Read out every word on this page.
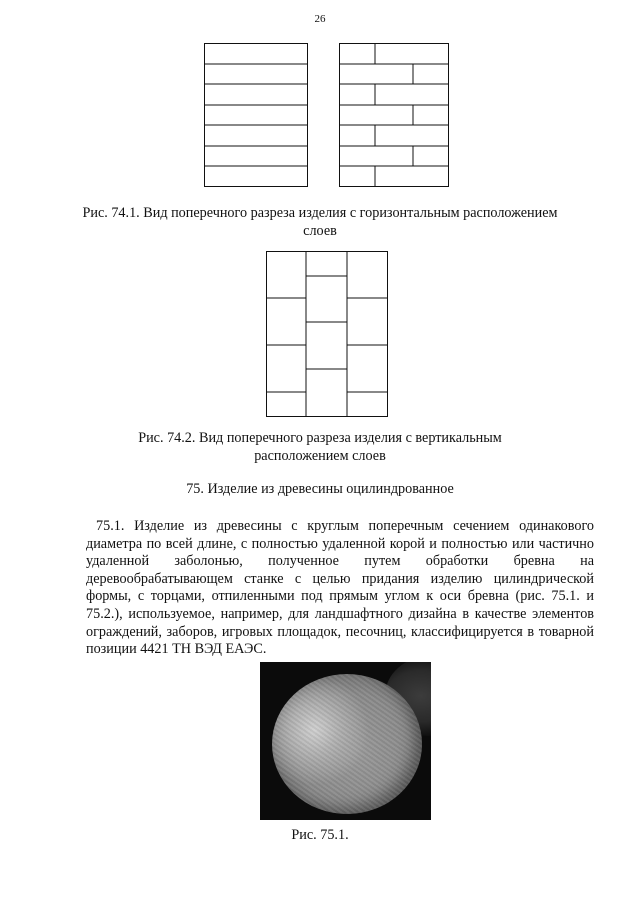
26

Рис. 74.1. Вид поперечного разреза изделия с горизонтальным расположением
слоев

Рис. 74.2. Вид поперечного разреза изделия с вертикальным
расположением слоев

75. Изделие из древесины оцилиндрованное

75.1. Изделие из древесины с круглым поперечным сечением одинакового
диаметра по всей длине, с полностью удаленной корой и полностью или частично
удаленной заболонью, полученное путем обработки бревна на
деревообрабатывающем станке с целью придания изделию цилиндрической
формы, с торцами, отпиленными под прямым углом к оси бревна (рис. 75.1. и
75.2.), используемое, например, для ландшафтного дизайна в качестве элементов
ограждений, заборов, игровых площадок, песочниц, классифицируется в товарной
позиции 4421 ТН ВЭД ЕАЭС.

Рис. 75.1.
